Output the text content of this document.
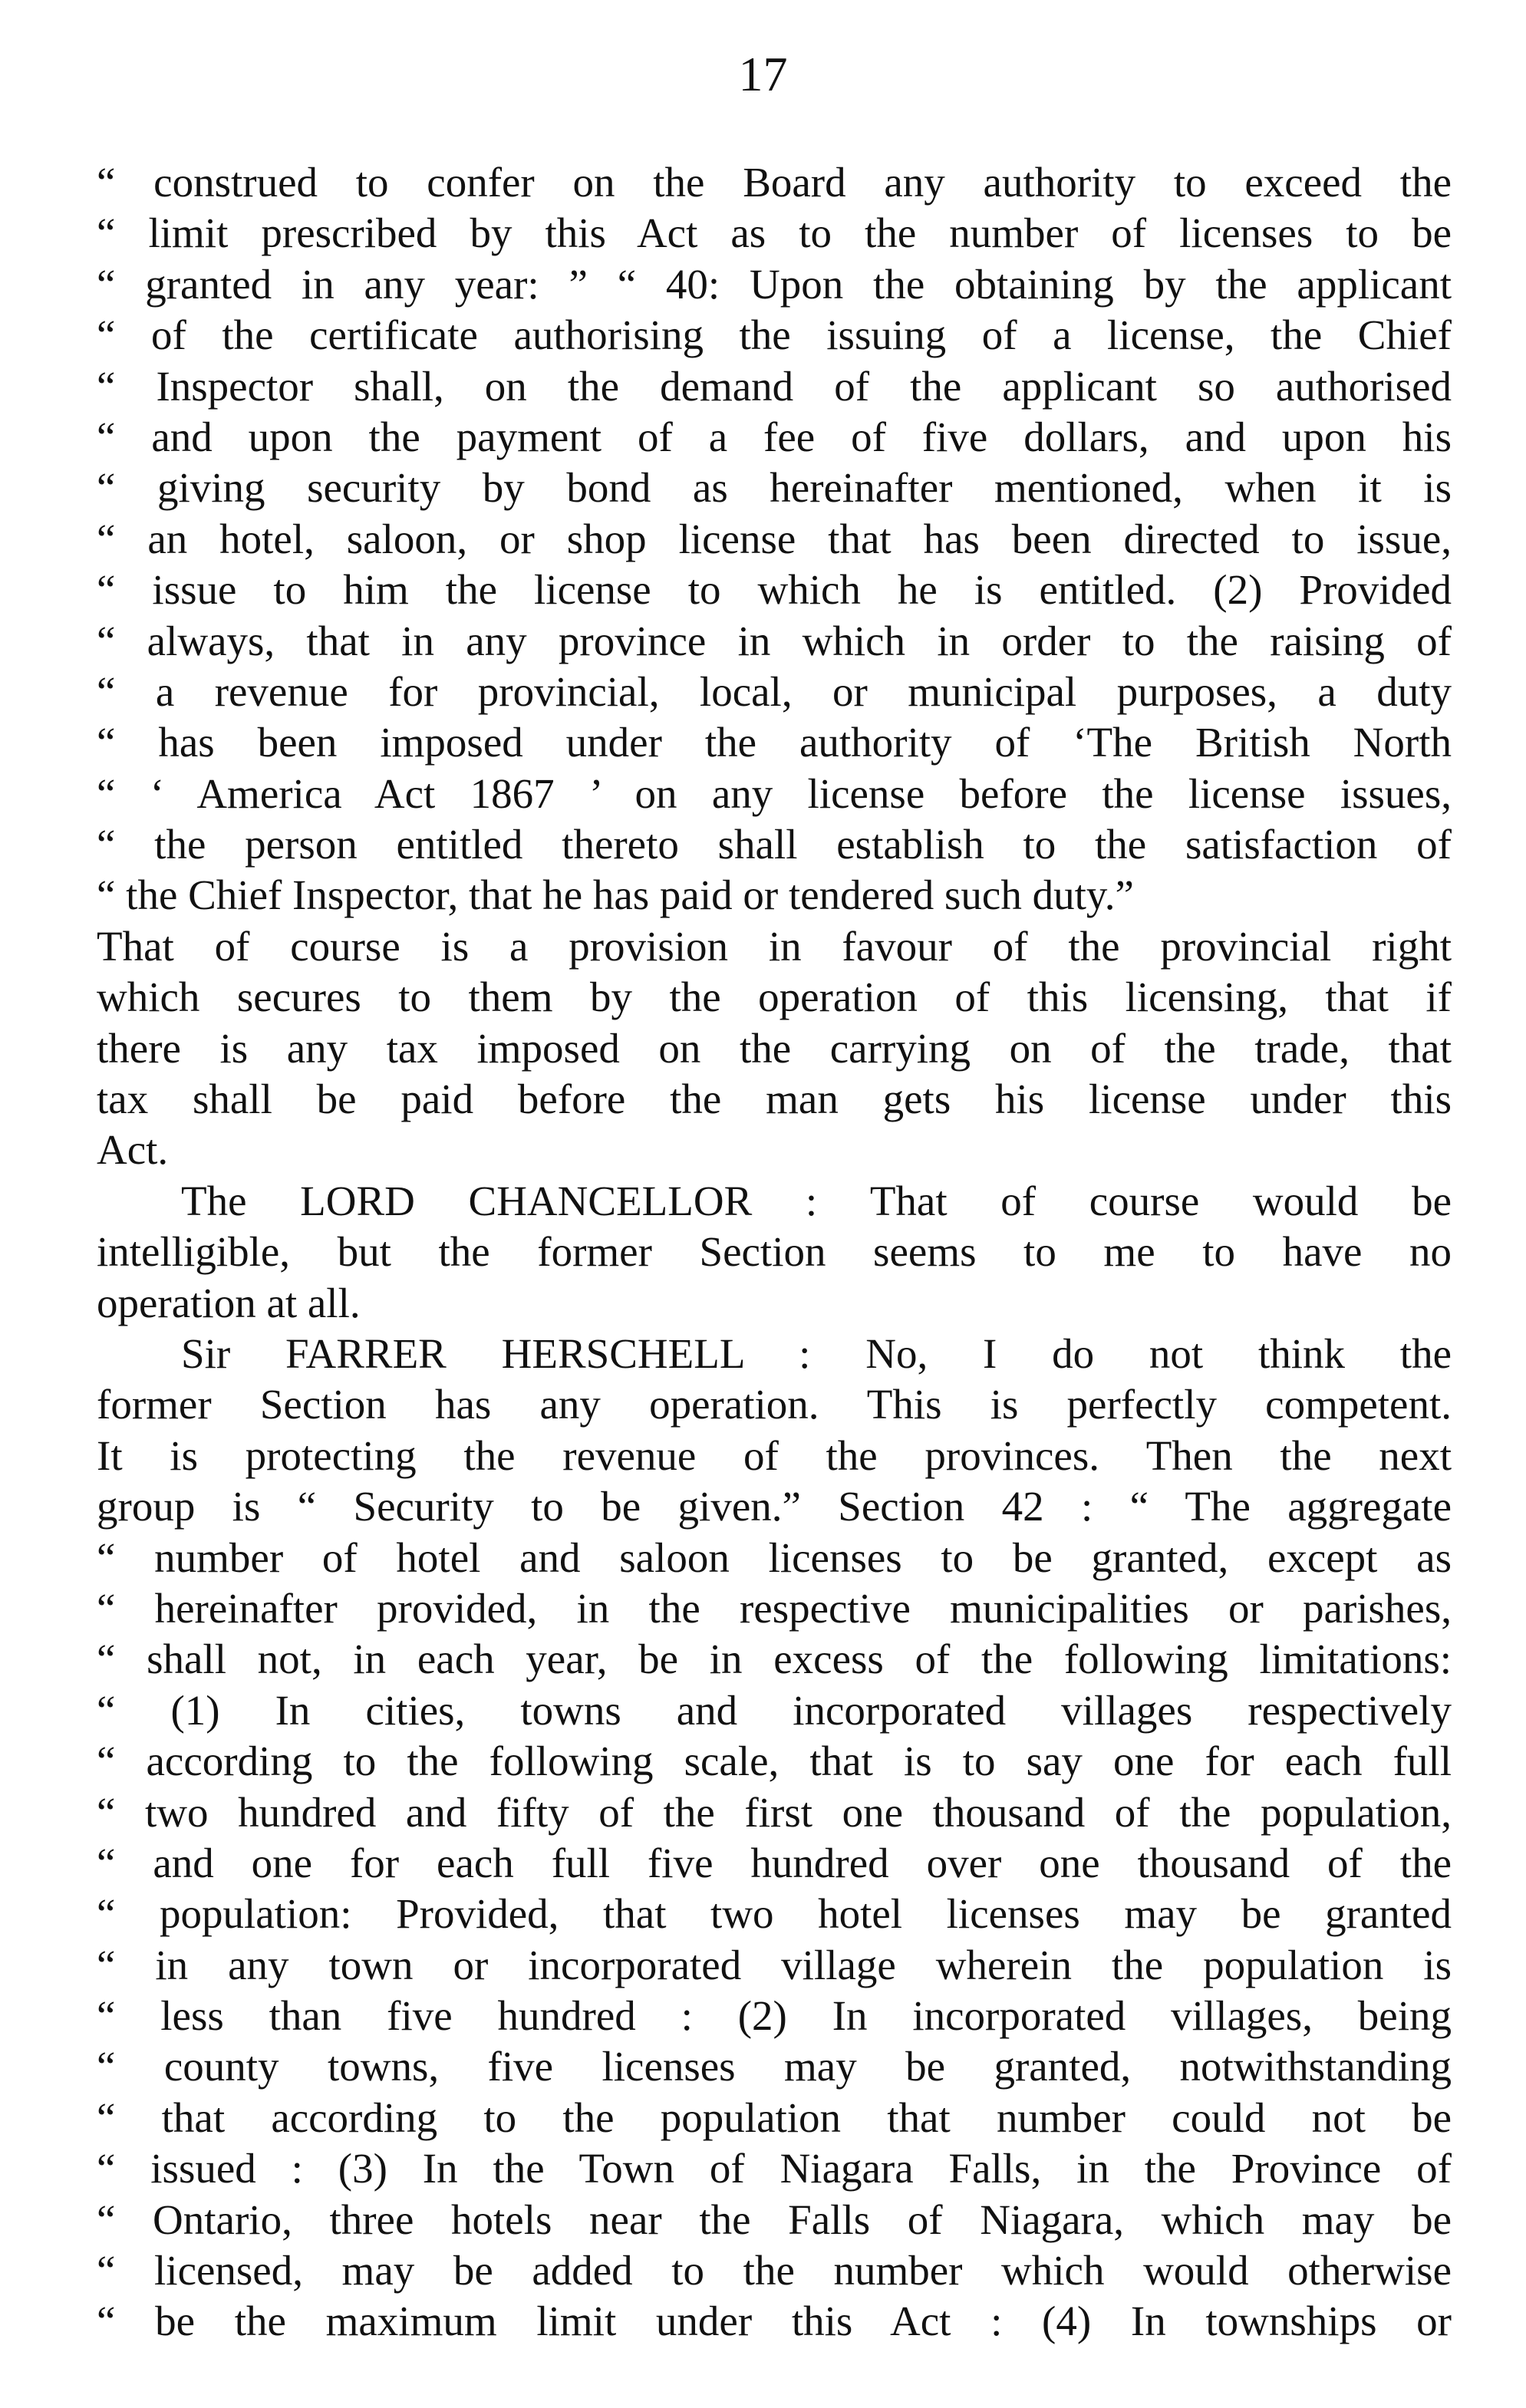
17
“ construed to confer on the Board any authority to exceed the
“ limit prescribed by this Act as to the number of licenses to be
“ granted in any year: ” “ 40: Upon the obtaining by the applicant
“ of the certificate authorising the issuing of a license, the Chief
“ Inspector shall, on the demand of the applicant so authorised
“ and upon the payment of a fee of five dollars, and upon his
“ giving security by bond as hereinafter mentioned, when it is
“ an hotel, saloon, or shop license that has been directed to issue,
“ issue to him the license to which he is entitled. (2) Provided
“ always, that in any province in which in order to the raising of
“ a revenue for provincial, local, or municipal purposes, a duty
“ has been imposed under the authority of ‘The British North
“ ‘ America Act 1867 ’ on any license before the license issues,
“ the person entitled thereto shall establish to the satisfaction of
“ the Chief Inspector, that he has paid or tendered such duty.”
That of course is a provision in favour of the provincial right
which secures to them by the operation of this licensing, that if
there is any tax imposed on the carrying on of the trade, that
tax shall be paid before the man gets his license under this
Act.
The LORD CHANCELLOR : That of course would be
intelligible, but the former Section seems to me to have no
operation at all.
Sir FARRER HERSCHELL : No, I do not think the
former Section has any operation. This is perfectly competent.
It is protecting the revenue of the provinces. Then the next
group is “ Security to be given.” Section 42 : “ The aggregate
“ number of hotel and saloon licenses to be granted, except as
“ hereinafter provided, in the respective municipalities or parishes,
“ shall not, in each year, be in excess of the following limitations:
“ (1) In cities, towns and incorporated villages respectively
“ according to the following scale, that is to say one for each full
“ two hundred and fifty of the first one thousand of the population,
“ and one for each full five hundred over one thousand of the
“ population: Provided, that two hotel licenses may be granted
“ in any town or incorporated village wherein the population is
“ less than five hundred : (2) In incorporated villages, being
“ county towns, five licenses may be granted, notwithstanding
“ that according to the population that number could not be
“ issued : (3) In the Town of Niagara Falls, in the Province of
“ Ontario, three hotels near the Falls of Niagara, which may be
“ licensed, may be added to the number which would otherwise
“ be the maximum limit under this Act : (4) In townships or
